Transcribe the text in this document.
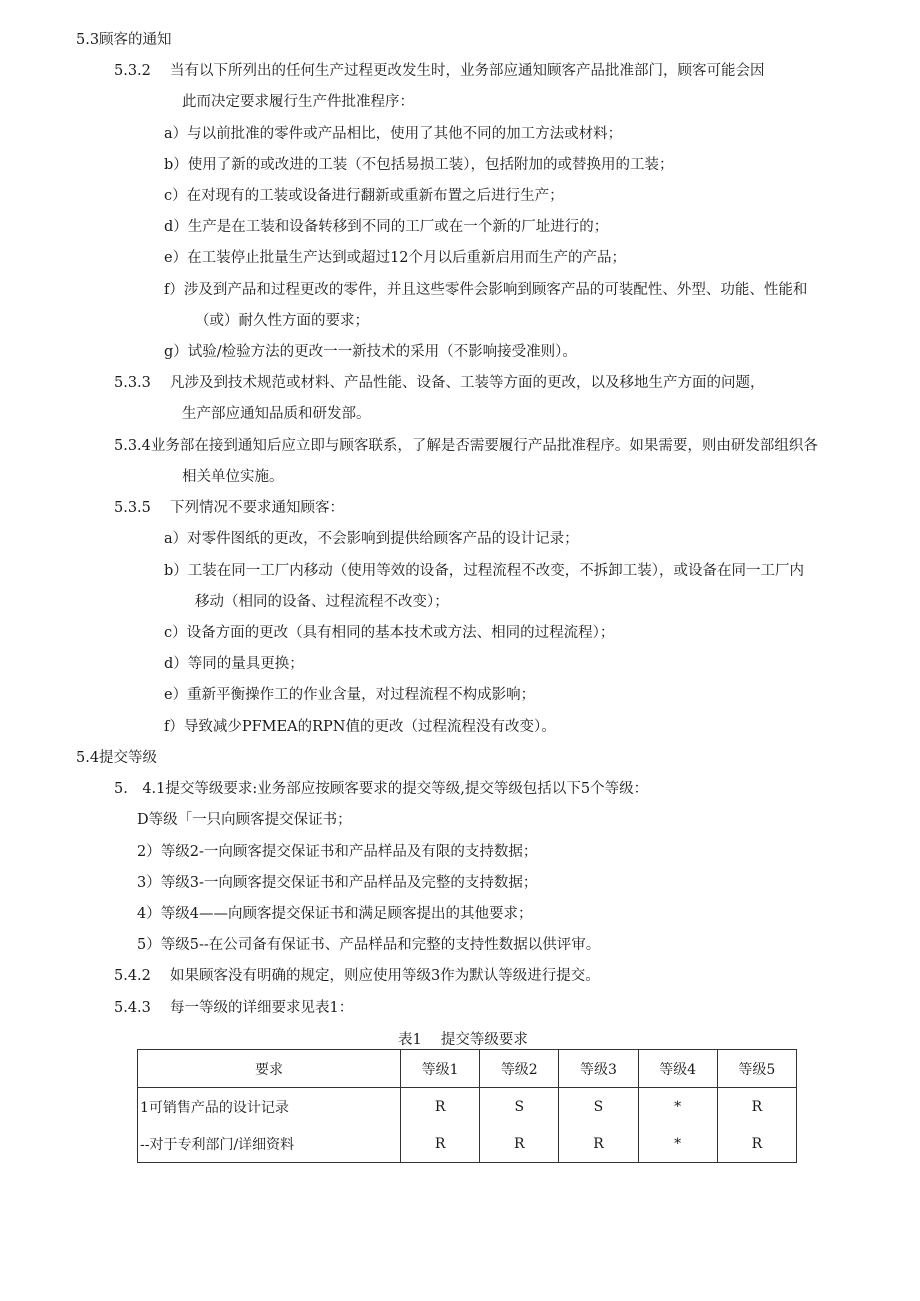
5.3顾客的通知
5.3.2　 当有以下所列出的任何生产过程更改发生时，业务部应通知顾客产品批准部门，顾客可能会因
此而决定要求履行生产件批准程序：
a）与以前批准的零件或产品相比，使用了其他不同的加工方法或材料；
b）使用了新的或改进的工装（不包括易损工装），包括附加的或替换用的工装；
c）在对现有的工装或设备进行翻新或重新布置之后进行生产；
d）生产是在工装和设备转移到不同的工厂或在一个新的厂址进行的；
e）在工装停止批量生产达到或超过12个月以后重新启用而生产的产品；
f）涉及到产品和过程更改的零件，并且这些零件会影响到顾客产品的可装配性、外型、功能、性能和
（或）耐久性方面的要求；
g）试验/检验方法的更改一一新技术的采用（不影响接受准则）。
5.3.3　 凡涉及到技术规范或材料、产品性能、设备、工装等方面的更改，以及移地生产方面的问题，
生产部应通知品质和研发部。
5.3.4业务部在接到通知后应立即与顾客联系，了解是否需要履行产品批准程序。如果需要，则由研发部组织各
相关单位实施。
5.3.5　 下列情况不要求通知顾客：
a）对零件图纸的更改，不会影响到提供给顾客产品的设计记录；
b）工装在同一工厂内移动（使用等效的设备，过程流程不改变，不拆卸工装），或设备在同一工厂内
移动（相同的设备、过程流程不改变）；
c）设备方面的更改（具有相同的基本技术或方法、相同的过程流程）；
d）等同的量具更换；
e）重新平衡操作工的作业含量，对过程流程不构成影响；
f）导致减少PFMEA的RPN值的更改（过程流程没有改变）。
5.4提交等级
5.　4.1提交等级要求:业务部应按顾客要求的提交等级,提交等级包括以下5个等级：
D等级「一只向顾客提交保证书；
2）等级2-一向顾客提交保证书和产品样品及有限的支持数据；
3）等级3-一向顾客提交保证书和产品样品及完整的支持数据；
4）等级4——向顾客提交保证书和满足顾客提出的其他要求；
5）等级5--在公司备有保证书、产品样品和完整的支持性数据以供评审。
5.4.2　 如果顾客没有明确的规定，则应使用等级3作为默认等级进行提交。
5.4.3　 每一等级的详细要求见表1：
表1　 提交等级要求
要求	等级1	等级2	等级3	等级4	等级5
1可销售产品的设计记录	R	S	S	*	R
--对于专利部门/详细资料	R	R	R	*	R
